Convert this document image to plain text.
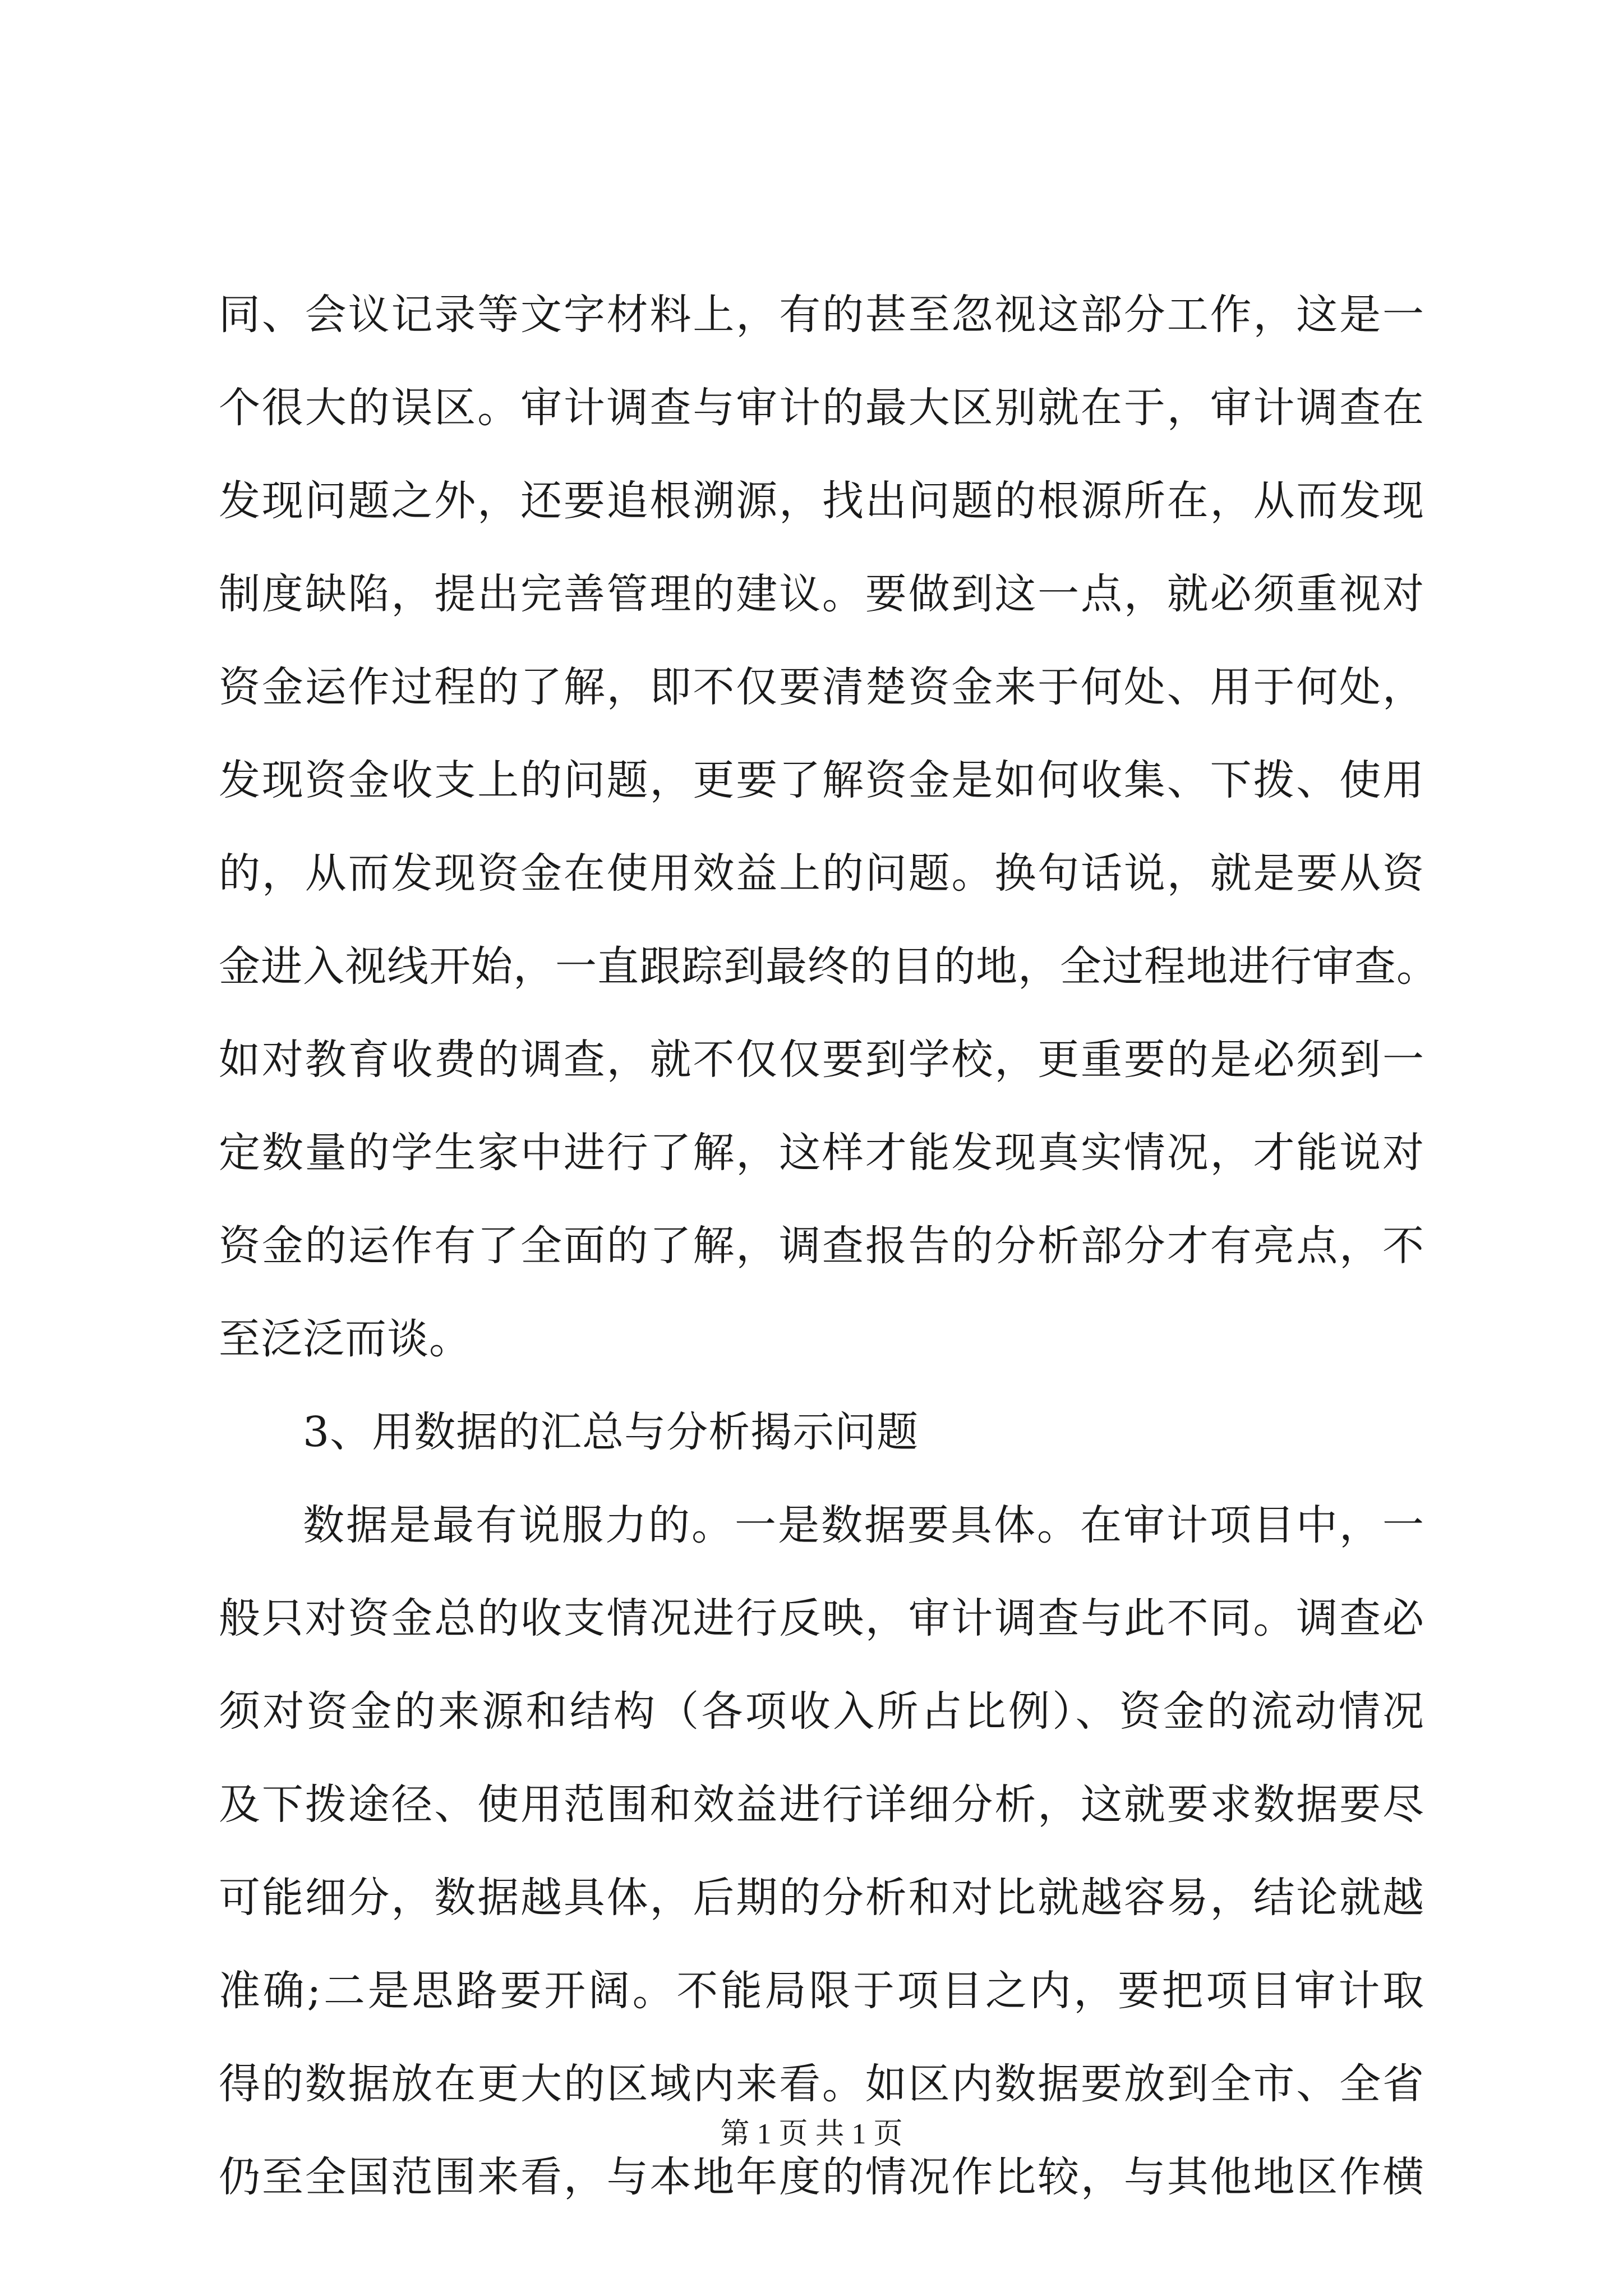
同、会议记录等文字材料上，有的甚至忽视这部分工作，这是一
个很大的误区。审计调查与审计的最大区别就在于，审计调查在
发现问题之外，还要追根溯源，找出问题的根源所在，从而发现
制度缺陷，提出完善管理的建议。要做到这一点，就必须重视对
资金运作过程的了解，即不仅要清楚资金来于何处、用于何处，
发现资金收支上的问题，更要了解资金是如何收集、下拨、使用
的，从而发现资金在使用效益上的问题。换句话说，就是要从资
金进入视线开始，一直跟踪到最终的目的地，全过程地进行审查。
如对教育收费的调查，就不仅仅要到学校，更重要的是必须到一
定数量的学生家中进行了解，这样才能发现真实情况，才能说对
资金的运作有了全面的了解，调查报告的分析部分才有亮点，不
至泛泛而谈。
3、用数据的汇总与分析揭示问题
数据是最有说服力的。一是数据要具体。在审计项目中，一
般只对资金总的收支情况进行反映，审计调查与此不同。调查必
须对资金的来源和结构（各项收入所占比例）、资金的流动情况
及下拨途径、使用范围和效益进行详细分析，这就要求数据要尽
可能细分，数据越具体，后期的分析和对比就越容易，结论就越
准确;二是思路要开阔。不能局限于项目之内，要把项目审计取
得的数据放在更大的区域内来看。如区内数据要放到全市、全省
仍至全国范围来看，与本地年度的情况作比较，与其他地区作横
第 1 页 共 1 页
